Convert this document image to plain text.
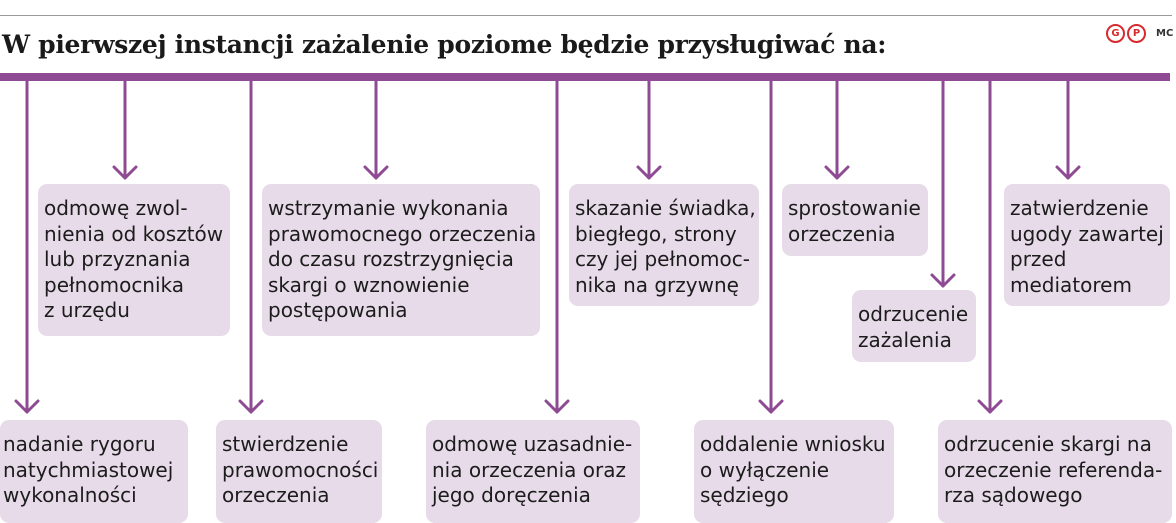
W pierwszej instancji zażalenie poziome będzie przysługiwać na:	G	P	MC
odmowę zwol-
nienia od kosztów
lub przyznania
pełnomocnika
z urzędu
wstrzymanie wykonania
prawomocnego orzeczenia
do czasu rozstrzygnięcia
skargi o wznowienie
postępowania
skazanie świadka,
biegłego, strony
czy jej pełnomoc-
nika na grzywnę
sprostowanie
orzeczenia
zatwierdzenie
ugody zawartej
przed
mediatorem
odrzucenie
zażalenia
nadanie rygoru
natychmiastowej
wykonalności
stwierdzenie
prawomocności
orzeczenia
odmowę uzasadnie-
nia orzeczenia oraz
jego doręczenia
oddalenie wniosku
o wyłączenie
sędziego
odrzucenie skargi na
orzeczenie referenda-
rza sądowego
